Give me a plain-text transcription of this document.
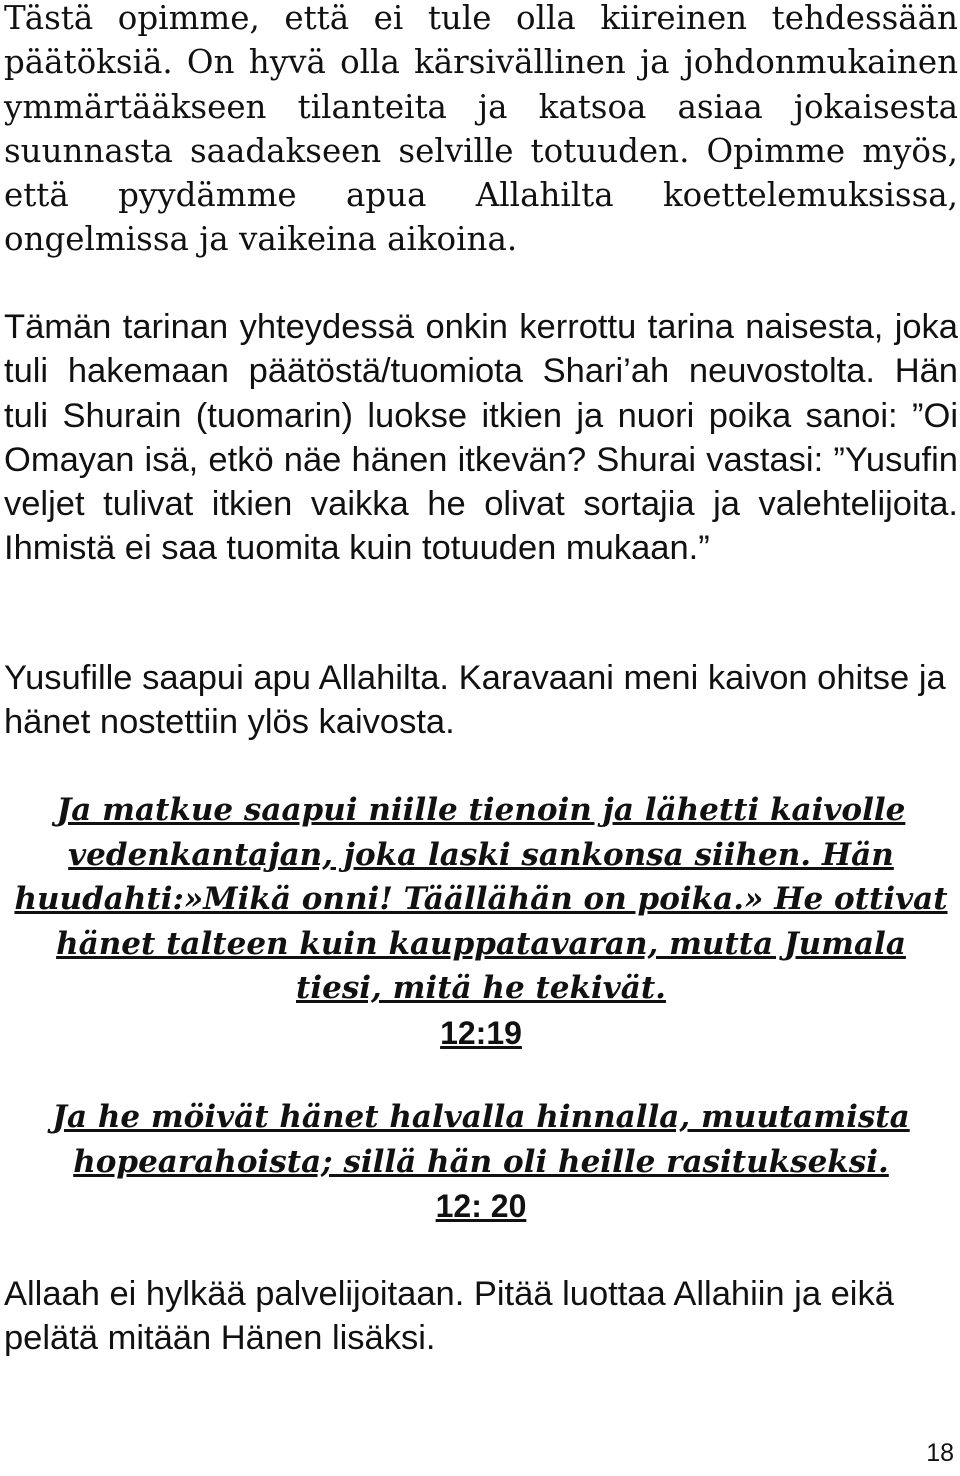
Tästä opimme, että ei tule olla kiireinen tehdessään päätöksiä. On hyvä olla kärsivällinen ja johdonmukainen ymmärtääkseen tilanteita ja katsoa asiaa jokaisesta suunnasta saadakseen selville totuuden. Opimme myös, että pyydämme apua Allahilta koettelemuksissa, ongelmissa ja vaikeina aikoina.

Tämän tarinan yhteydessä onkin kerrottu tarina naisesta, joka tuli hakemaan päätöstä/tuomiota Shari’ah neuvostolta. Hän tuli Shurain (tuomarin) luokse itkien ja nuori poika sanoi: ”Oi Omayan isä, etkö näe hänen itkevän? Shurai vastasi: ”Yusufin veljet tulivat itkien vaikka he olivat sortajia ja valehtelijoita. Ihmistä ei saa tuomita kuin totuuden mukaan.”

Yusufille saapui apu Allahilta. Karavaani meni kaivon ohitse ja hänet nostettiin ylös kaivosta.

Ja matkue saapui niille tienoin ja lähetti kaivolle vedenkantajan, joka laski sankonsa siihen. Hän huudahti:»Mikä onni! Täällähän on poika.» He ottivat hänet talteen kuin kauppatavaran, mutta Jumala tiesi, mitä he tekivät.

12:19

Ja he möivät hänet halvalla hinnalla, muutamista hopearahoista; sillä hän oli heille rasitukseksi.

12: 20

Allaah ei hylkää palvelijoitaan. Pitää luottaa Allahiin ja eikä pelätä mitään Hänen lisäksi.

18
